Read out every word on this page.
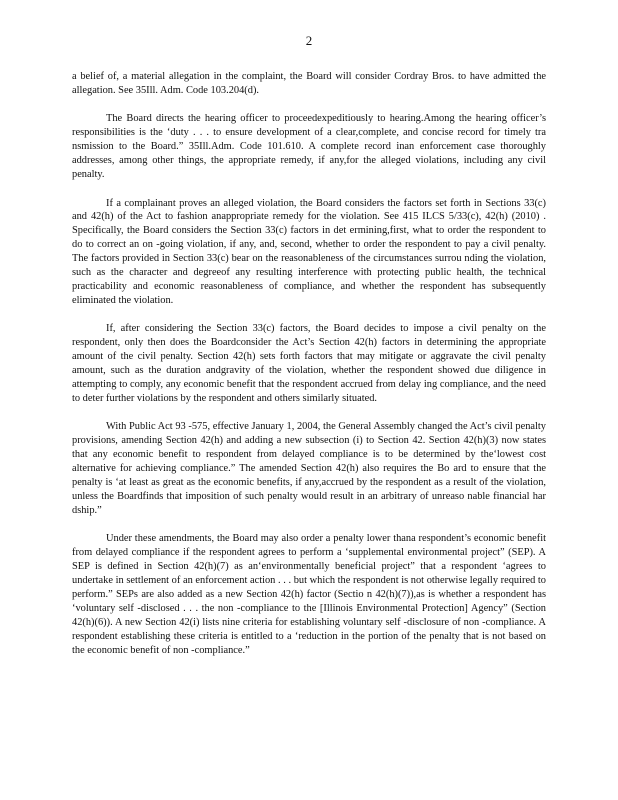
2

a belief of, a material allegation in the complaint, the Board will consider Cordray Bros. to have admitted the allegation. See 35Ill. Adm. Code 103.204(d).

The Board directs the hearing officer to proceedexpeditiously to hearing.Among the hearing officer’s responsibilities is the ‘duty . . . to ensure development of a clear,complete, and concise record for timely tra nsmission to the Board.” 35Ill.Adm. Code 101.610. A complete record inan enforcement case thoroughly addresses, among other things, the appropriate remedy, if any,for the alleged violations, including any civil penalty.

If a complainant proves an alleged violation, the Board considers the factors set forth in Sections 33(c) and 42(h) of the Act to fashion anappropriate remedy for the violation. See 415 ILCS 5/33(c), 42(h) (2010) . Specifically, the Board considers the Section 33(c) factors in det ermining,first, what to order the respondent to do to correct an on -going violation, if any, and, second, whether to order the respondent to pay a civil penalty. The factors provided in Section 33(c) bear on the reasonableness of the circumstances surrou nding the violation, such as the character and degreeof any resulting interference with protecting public health, the technical practicability and economic reasonableness of compliance, and whether the respondent has subsequently eliminated the violation.

If, after considering the Section 33(c) factors, the Board decides to impose a civil penalty on the respondent, only then does the Boardconsider the Act’s Section 42(h) factors in determining the appropriate amount of the civil penalty. Section 42(h) sets forth factors that may mitigate or aggravate the civil penalty amount, such as the duration andgravity of the violation, whether the respondent showed due diligence in attempting to comply, any economic benefit that the respondent accrued from delay ing compliance, and the need to deter further violations by the respondent and others similarly situated.

With Public Act 93 -575, effective January 1, 2004, the General Assembly changed the Act’s civil penalty provisions, amending Section 42(h) and adding a new subsection (i) to Section 42. Section 42(h)(3) now states that any economic benefit to respondent from delayed compliance is to be determined by the‘lowest cost alternative for achieving compliance.” The amended Section 42(h) also requires the Bo ard to ensure that the penalty is ‘at least as great as the economic benefits, if any,accrued by the respondent as a result of the violation, unless the Boardfinds that imposition of such penalty would result in an arbitrary of unreaso nable financial har dship.”

Under these amendments, the Board may also order a penalty lower thana respondent’s economic benefit from delayed compliance if the respondent agrees to perform a ‘supplemental environmental project” (SEP). A SEP is defined in Section 42(h)(7) as an‘environmentally beneficial project” that a respondent ‘agrees to undertake in settlement of an enforcement action . . . but which the respondent is not otherwise legally required to perform.” SEPs are also added as a new Section 42(h) factor (Sectio n 42(h)(7)),as is whether a respondent has ‘voluntary self -disclosed . . . the non -compliance to the [Illinois Environmental Protection] Agency” (Section 42(h)(6)). A new Section 42(i) lists nine criteria for establishing voluntary self -disclosure of non -compliance. A respondent establishing these criteria is entitled to a ‘reduction in the portion of the penalty that is not based on the economic benefit of non -compliance.”
